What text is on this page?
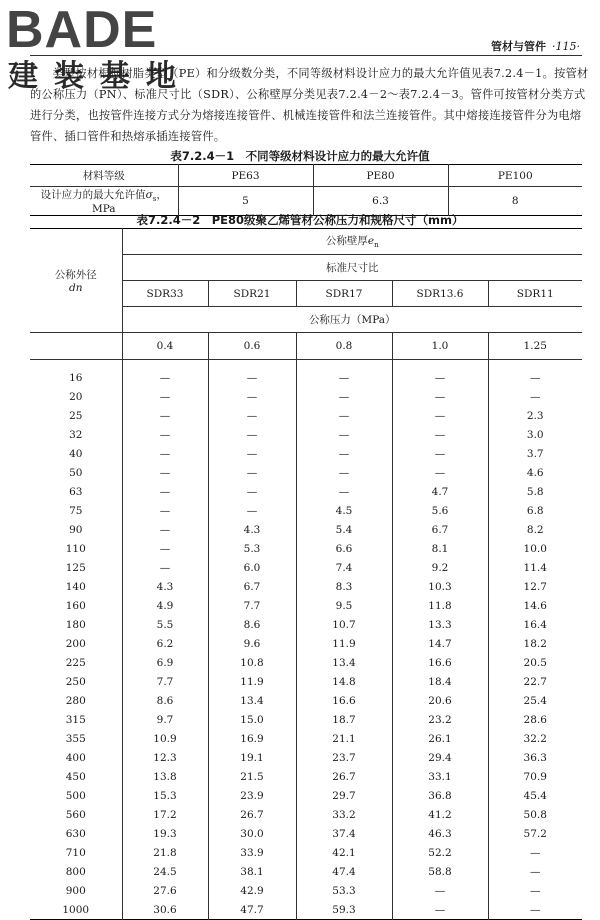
BADE
建装基地
管材与管件 ·115·

类型按材根据树脂类型（PE）和分级数分类，不同等级材料设计应力的最大允许值见表7.2.4－1。按管材的公称压力（PN）、标准尺寸比（SDR）、公称壁厚分类见表7.2.4－2～表7.2.4－3。管件可按管材分类方式进行分类，也按管件连接方式分为熔接连接管件、机械连接管件和法兰连接管件。其中熔接连接管件分为电熔管件、插口管件和热熔承插连接管件。

表7.2.4－1　不同等级材料设计应力的最大允许值
材料等级	PE63	PE80	PE100
设计应力的最大允许值$\sigma_s$，MPa	5	6.3	8
表7.2.4－2　PE80级聚乙烯管材公称压力和规格尺寸（mm）
公称外径
dn	公称壁厚$e_n$
	标准尺寸比				
	SDR33	SDR21	SDR17	SDR13.6	SDR11
	公称压力（MPa）				
	0.4	0.6	0.8	1.0	1.25
16	—	—	—	—	—
20	—	—	—	—	—
25	—	—	—	—	2.3
32	—	—	—	—	3.0
40	—	—	—	—	3.7
50	—	—	—	—	4.6
63	—	—	—	4.7	5.8
75	—	—	4.5	5.6	6.8
90	—	4.3	5.4	6.7	8.2
110	—	5.3	6.6	8.1	10.0
125	—	6.0	7.4	9.2	11.4
140	4.3	6.7	8.3	10.3	12.7
160	4.9	7.7	9.5	11.8	14.6
180	5.5	8.6	10.7	13.3	16.4
200	6.2	9.6	11.9	14.7	18.2
225	6.9	10.8	13.4	16.6	20.5
250	7.7	11.9	14.8	18.4	22.7
280	8.6	13.4	16.6	20.6	25.4
315	9.7	15.0	18.7	23.2	28.6
355	10.9	16.9	21.1	26.1	32.2
400	12.3	19.1	23.7	29.4	36.3
450	13.8	21.5	26.7	33.1	70.9
500	15.3	23.9	29.7	36.8	45.4
560	17.2	26.7	33.2	41.2	50.8
630	19.3	30.0	37.4	46.3	57.2
710	21.8	33.9	42.1	52.2	—
800	24.5	38.1	47.4	58.8	—
900	27.6	42.9	53.3	—	—
1000	30.6	47.7	59.3	—	—
